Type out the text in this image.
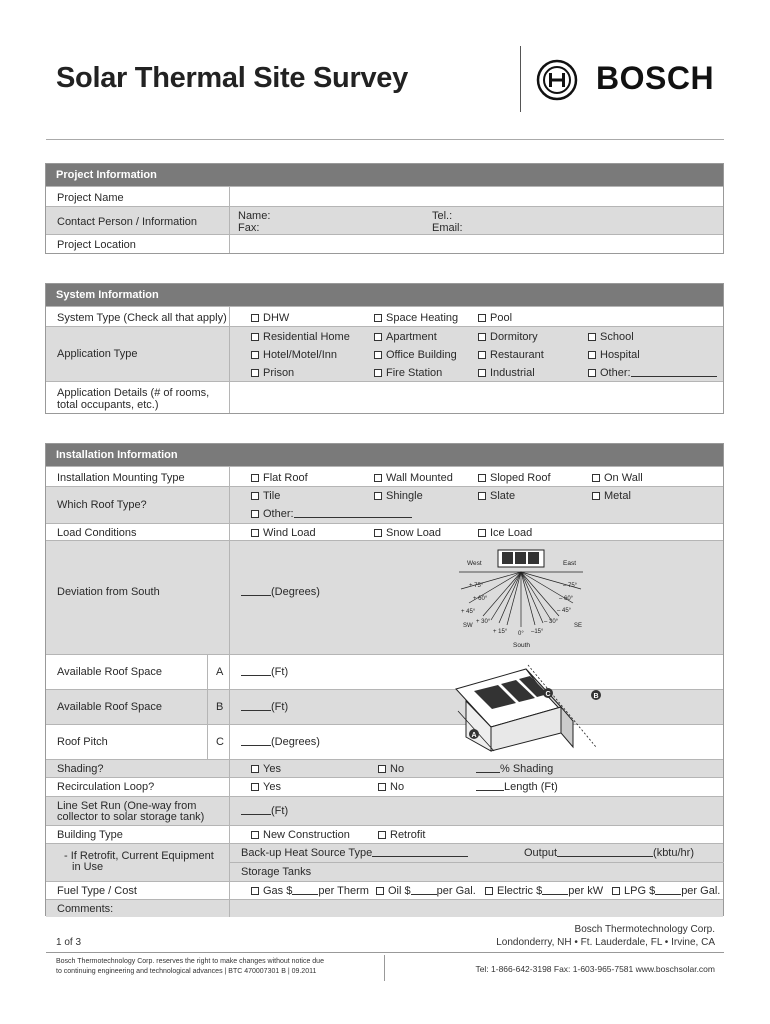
Solar Thermal Site Survey	BOSCH
Project Information
Project Name
Contact Person / Information	Name:
Fax:
Tel.:
Email:
Project Location
System Information
System Type (Check all that apply)	DHW	Space Heating	Pool
Application Type
Residential Home	Apartment	Dormitory	School
Hotel/Motel/Inn	Office Building	Restaurant	Hospital
Prison	Fire Station	Industrial	Other:
Application Details (# of rooms,
total occupants, etc.)
Installation Information
Installation Mounting Type	Flat Roof	Wall Mounted	Sloped Roof	On Wall
Which Roof Type?
Tile	Shingle	Slate	Metal
Other:
Load Conditions	Wind Load	Snow Load	Ice Load
Deviation from South	(Degrees)
West	East
+ 75°
+ 60°
+ 45°
+ 30°
+ 15° 0°
– 75°
– 60°
– 45°
– 30°
–15°
SW	SE
South
Available Roof Space	A	(Ft)
Available Roof Space	B	(Ft)
Roof Pitch	C	(Degrees)
B
C
A
Shading?	Yes	No	% Shading
Recirculation Loop?	Yes	No	Length (Ft)
Line Set Run (One-way from
collector to solar storage tank)	(Ft)
Building Type	New Construction	Retrofit
- If Retrofit, Current Equipment
in Use
Back-up Heat Source Type	Output	(kbtu/hr)
Storage Tanks
Fuel Type / Cost	Gas $ per Therm	Oil $ per Gal.	Electric $ per kW	LPG $ per Gal.
Comments:
1 of 3
Bosch Thermotechnology Corp.
Londonderry, NH • Ft. Lauderdale, FL • Irvine, CA
Bosch Thermotechnology Corp. reserves the right to make changes without notice due
to continuing engineering and technological advances | BTC 470007301 B | 09.2011	Tel: 1-866-642-3198 Fax: 1-603-965-7581 www.boschsolar.com
